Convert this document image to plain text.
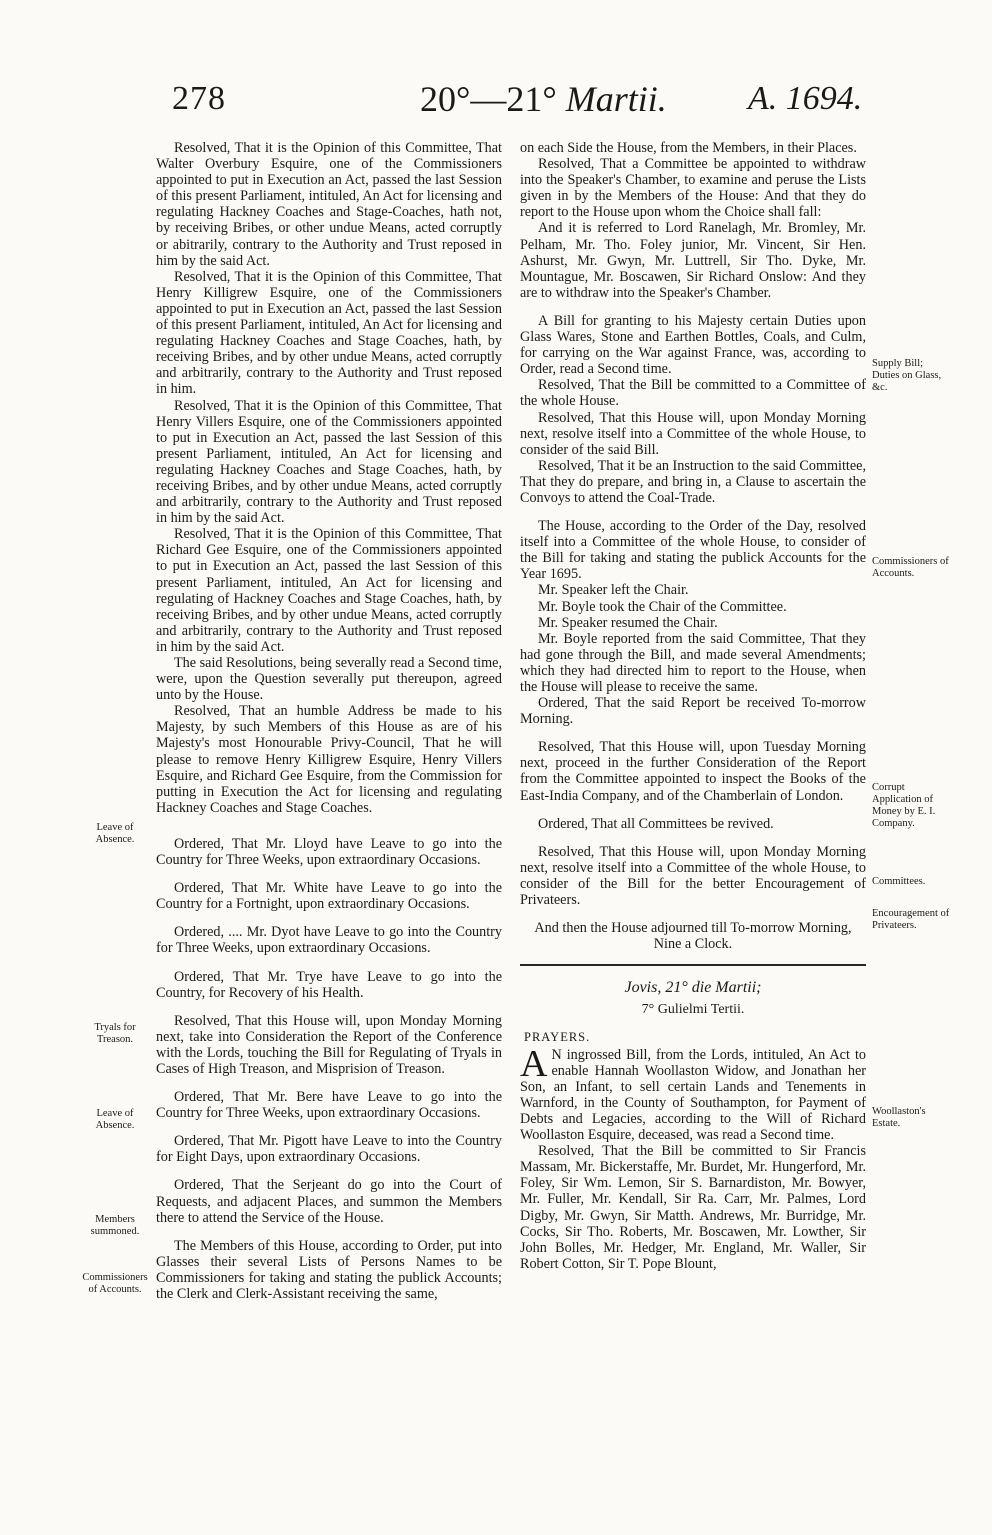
278	20°—21° Martii. A. 1694.

Resolved, That it is the Opinion of this Committee, That Walter Overbury Esquire, one of the Commissioners appointed to put in Execution an Act, passed the last Session of this present Parliament, intituled, An Act for licensing and regulating Hackney Coaches and Stage-Coaches, hath not, by receiving Bribes, or other undue Means, acted corruptly or abitrarily, contrary to the Authority and Trust reposed in him by the said Act.

Resolved, That it is the Opinion of this Committee, That Henry Killigrew Esquire, one of the Commissioners appointed to put in Execution an Act, passed the last Session of this present Parliament, intituled, An Act for licensing and regulating Hackney Coaches and Stage Coaches, hath, by receiving Bribes, and by other undue Means, acted corruptly and arbitrarily, contrary to the Authority and Trust reposed in him.

Resolved, That it is the Opinion of this Committee, That Henry Villers Esquire, one of the Commissioners appointed to put in Execution an Act, passed the last Session of this present Parliament, intituled, An Act for licensing and regulating Hackney Coaches and Stage Coaches, hath, by receiving Bribes, and by other undue Means, acted corruptly and arbitrarily, contrary to the Authority and Trust reposed in him by the said Act.

Resolved, That it is the Opinion of this Committee, That Richard Gee Esquire, one of the Commissioners appointed to put in Execution an Act, passed the last Session of this present Parliament, intituled, An Act for licensing and regulating of Hackney Coaches and Stage Coaches, hath, by receiving Bribes, and by other undue Means, acted corruptly and arbitrarily, contrary to the Authority and Trust reposed in him by the said Act.

The said Resolutions, being severally read a Second time, were, upon the Question severally put thereupon, agreed unto by the House.

Resolved, That an humble Address be made to his Majesty, by such Members of this House as are of his Majesty's most Honourable Privy-Council, That he will please to remove Henry Killigrew Esquire, Henry Villers Esquire, and Richard Gee Esquire, from the Commission for putting in Execution the Act for licensing and regulating Hackney Coaches and Stage Coaches.

Ordered, That Mr. Lloyd have Leave to go into the Country for Three Weeks, upon extraordinary Occasions.

Ordered, That Mr. White have Leave to go into the Country for a Fortnight, upon extraordinary Occasions.

Ordered, .... Mr. Dyot have Leave to go into the Country for Three Weeks, upon extraordinary Occasions.

Ordered, That Mr. Trye have Leave to go into the Country, for Recovery of his Health.

Resolved, That this House will, upon Monday Morning next, take into Consideration the Report of the Conference with the Lords, touching the Bill for Regulating of Tryals in Cases of High Treason, and Misprision of Treason.

Ordered, That Mr. Bere have Leave to go into the Country for Three Weeks, upon extraordinary Occasions.

Ordered, That Mr. Pigott have Leave to into the Country for Eight Days, upon extraordinary Occasions.

Ordered, That the Serjeant do go into the Court of Requests, and adjacent Places, and summon the Members there to attend the Service of the House.

The Members of this House, according to Order, put into Glasses their several Lists of Persons Names to be Commissioners for taking and stating the publick Accounts; the Clerk and Clerk-Assistant receiving the same,

on each Side the House, from the Members, in their Places.

Resolved, That a Committee be appointed to withdraw into the Speaker's Chamber, to examine and peruse the Lists given in by the Members of the House: And that they do report to the House upon whom the Choice shall fall:

And it is referred to Lord Ranelagh, Mr. Bromley, Mr. Pelham, Mr. Tho. Foley junior, Mr. Vincent, Sir Hen. Ashurst, Mr. Gwyn, Mr. Luttrell, Sir Tho. Dyke, Mr. Mountague, Mr. Boscawen, Sir Richard Onslow: And they are to withdraw into the Speaker's Chamber.

A Bill for granting to his Majesty certain Duties upon Glass Wares, Stone and Earthen Bottles, Coals, and Culm, for carrying on the War against France, was, according to Order, read a Second time.

Resolved, That the Bill be committed to a Committee of the whole House.

Resolved, That this House will, upon Monday Morning next, resolve itself into a Committee of the whole House, to consider of the said Bill.

Resolved, That it be an Instruction to the said Committee, That they do prepare, and bring in, a Clause to ascertain the Convoys to attend the Coal-Trade.

The House, according to the Order of the Day, resolved itself into a Committee of the whole House, to consider of the Bill for taking and stating the publick Accounts for the Year 1695.

Mr. Speaker left the Chair.

Mr. Boyle took the Chair of the Committee.

Mr. Speaker resumed the Chair.

Mr. Boyle reported from the said Committee, That they had gone through the Bill, and made several Amendments; which they had directed him to report to the House, when the House will please to receive the same.

Ordered, That the said Report be received To-morrow Morning.

Resolved, That this House will, upon Tuesday Morning next, proceed in the further Consideration of the Report from the Committee appointed to inspect the Books of the East-India Company, and of the Chamberlain of London.

Ordered, That all Committees be revived.

Resolved, That this House will, upon Monday Morning next, resolve itself into a Committee of the whole House, to consider of the Bill for the better Encouragement of Privateers.

And then the House adjourned till To-morrow Morning, Nine a Clock.

Jovis, 21° die Martii;
7° Gulielmi Tertii.
PRAYERS.

A N ingrossed Bill, from the Lords, intituled, An Act to enable Hannah Woollaston Widow, and Jonathan her Son, an Infant, to sell certain Lands and Tenements in Warnford, in the County of Southampton, for Payment of Debts and Legacies, according to the Will of Richard Woollaston Esquire, deceased, was read a Second time.

Resolved, That the Bill be committed to Sir Francis Massam, Mr. Bickerstaffe, Mr. Burdet, Mr. Hungerford, Mr. Foley, Sir Wm. Lemon, Sir S. Barnardiston, Mr. Bowyer, Mr. Fuller, Mr. Kendall, Sir Ra. Carr, Mr. Palmes, Lord Digby, Mr. Gwyn, Sir Matth. Andrews, Mr. Burridge, Mr. Cocks, Sir Tho. Roberts, Mr. Boscawen, Mr. Lowther, Sir John Bolles, Mr. Hedger, Mr. England, Mr. Waller, Sir Robert Cotton, Sir T. Pope Blount,

Leave of Absence.
Tryals for Treason.
Leave of Absence.
Members summoned.
Commissioners of Accounts.
Supply Bill; Duties on Glass, &c.
Commissioners of Accounts.
Corrupt Application of Money by E. I. Company.
Committees.
Encouragement of Privateers.
Woollaston's Estate.
